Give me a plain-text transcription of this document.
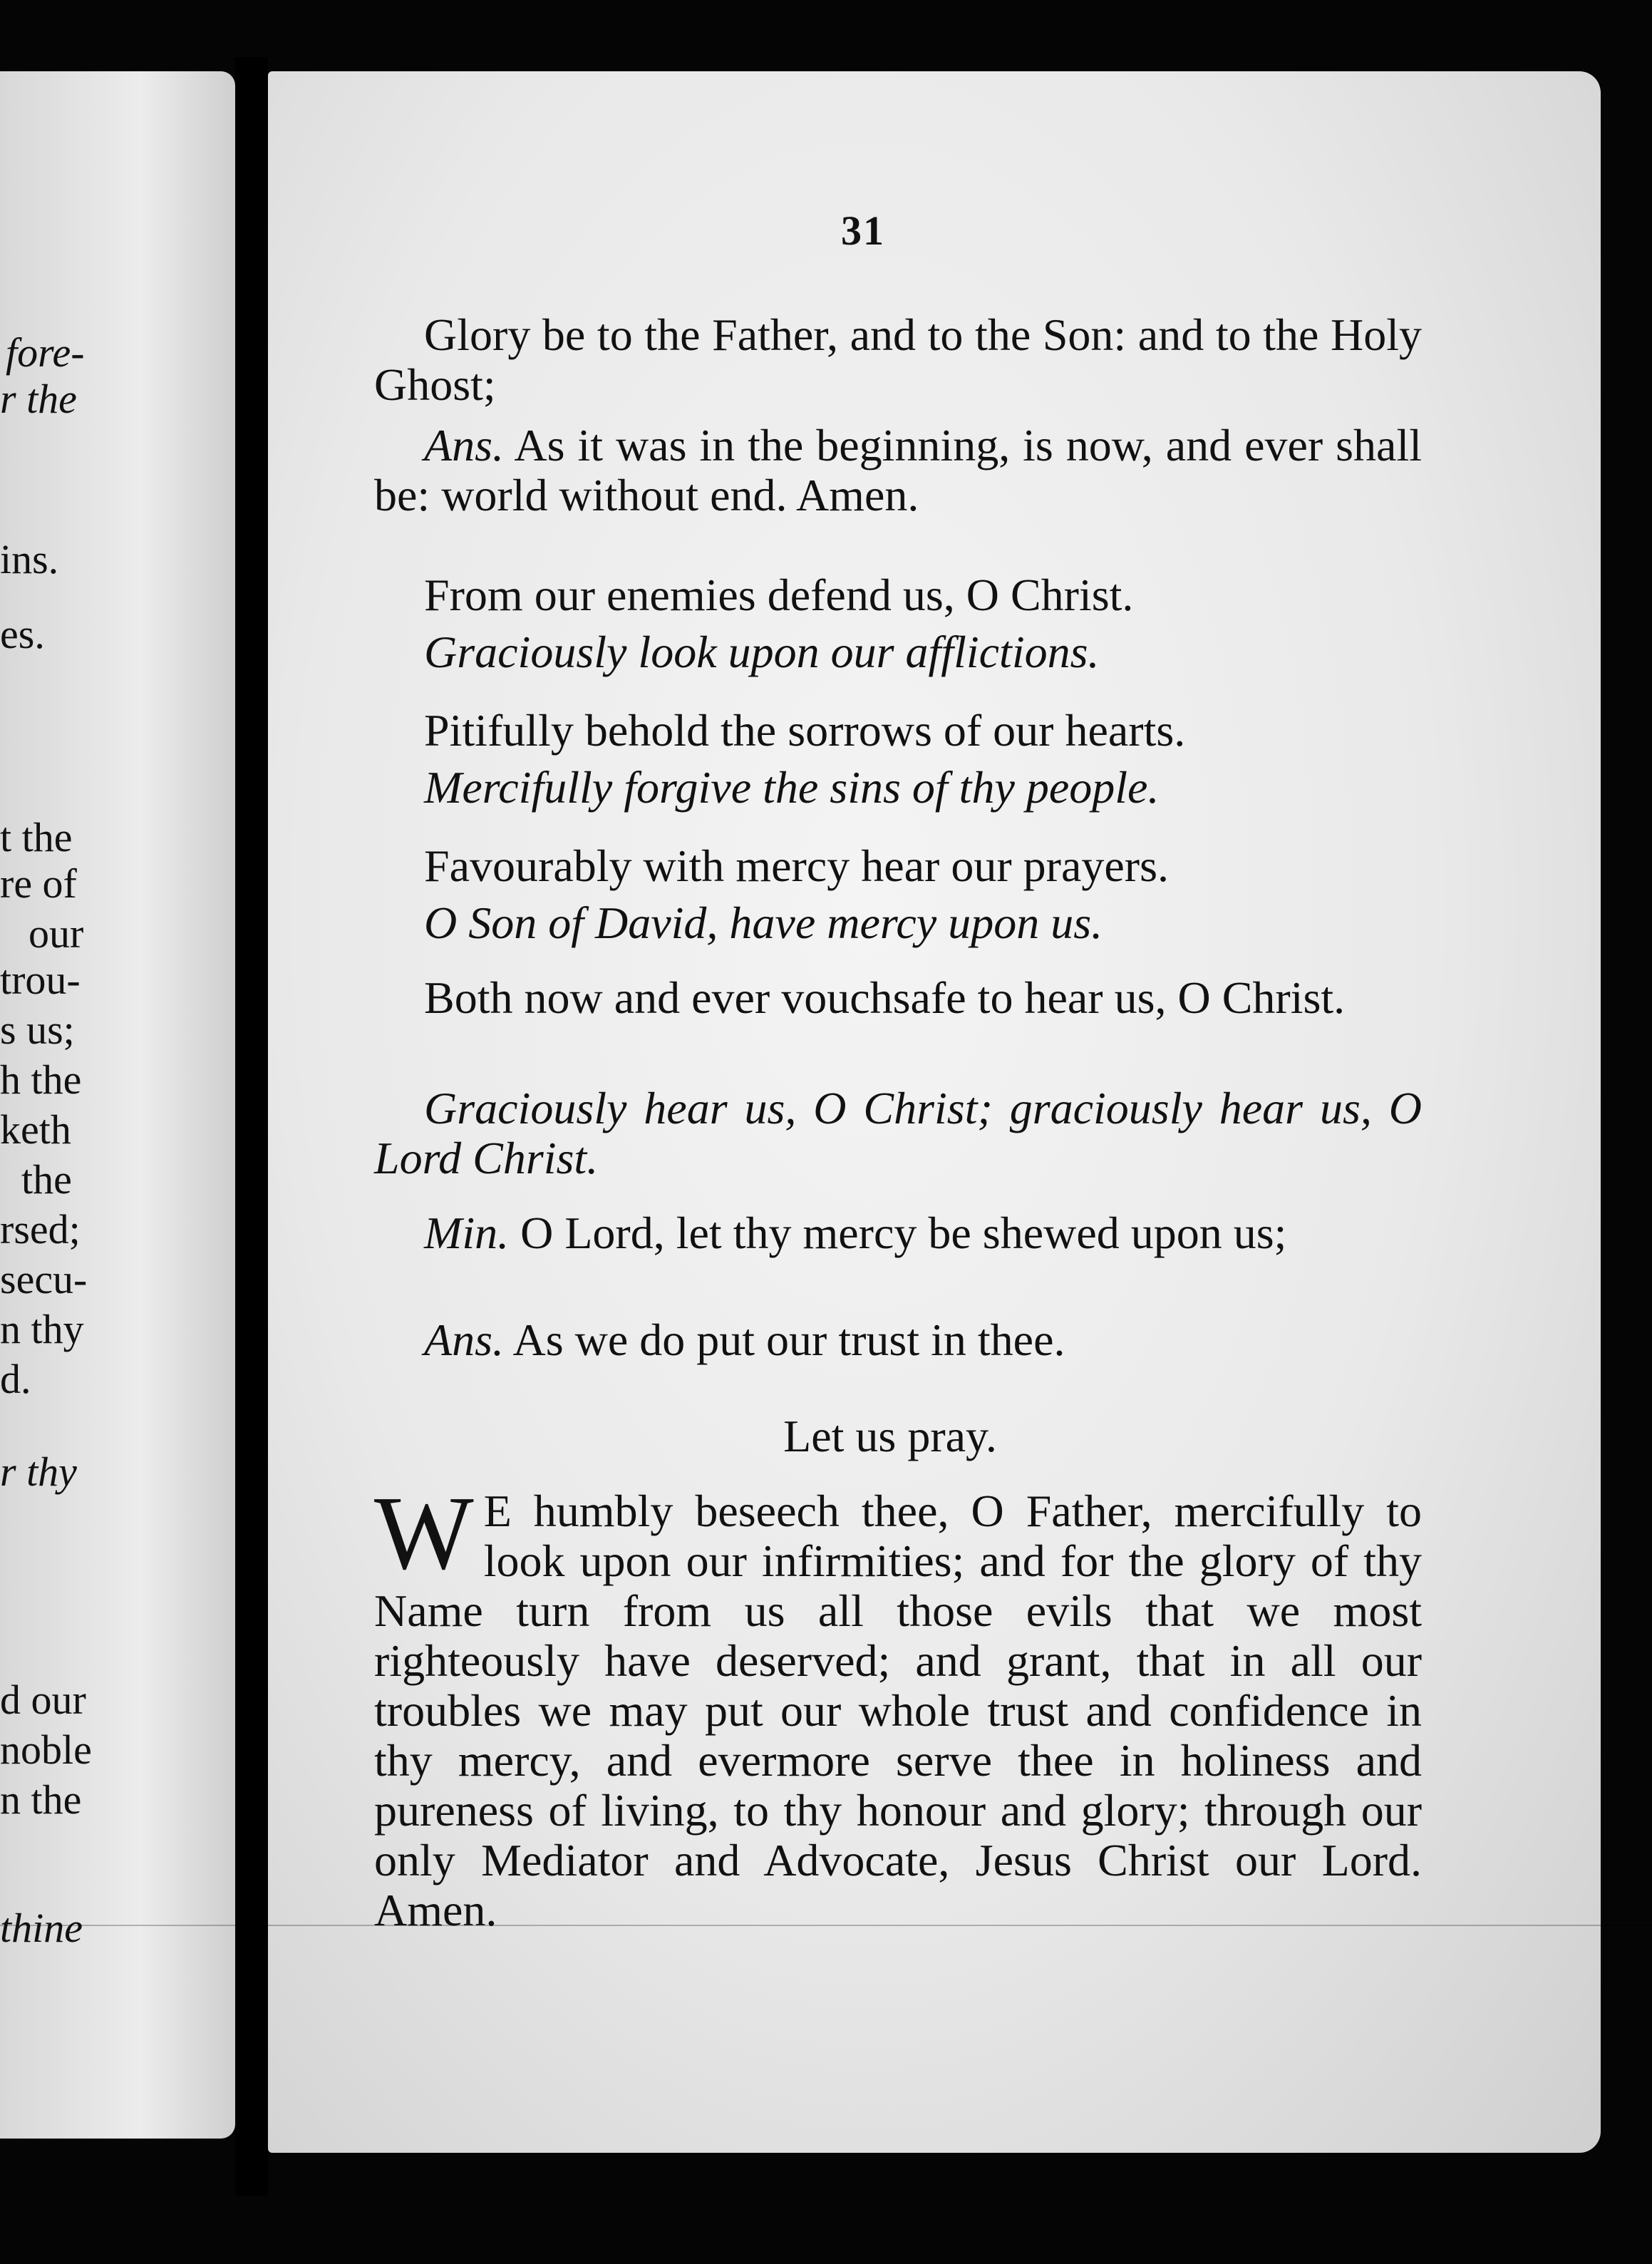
fore-
r the
ins.
es.
t the
re of
our
trou-
s us;
h the
keth
the
rsed;
secu-
n thy
d.
r thy
d our
noble
n the
thine
31
Glory be to the Father, and to the Son: and to the Holy Ghost;
Ans. As it was in the beginning, is now, and ever shall be: world without end. Amen.
From our enemies defend us, O Christ.
Graciously look upon our afflictions.
Pitifully behold the sorrows of our hearts.
Mercifully forgive the sins of thy people.
Favourably with mercy hear our prayers.
O Son of David, have mercy upon us.
Both now and ever vouchsafe to hear us, O Christ.
Graciously hear us, O Christ; graciously hear us, O Lord Christ.
Min. O Lord, let thy mercy be shewed upon us;
Ans. As we do put our trust in thee.
Let us pray.
W E humbly beseech thee, O Father, mercifully to look upon our infirmities; and for the glory of thy Name turn from us all those evils that we most righteously have deserved; and grant, that in all our troubles we may put our whole trust and confidence in thy mercy, and evermore serve thee in holiness and pureness of living, to thy honour and glory; through our only Mediator and Advocate, Jesus Christ our Lord. Amen.
